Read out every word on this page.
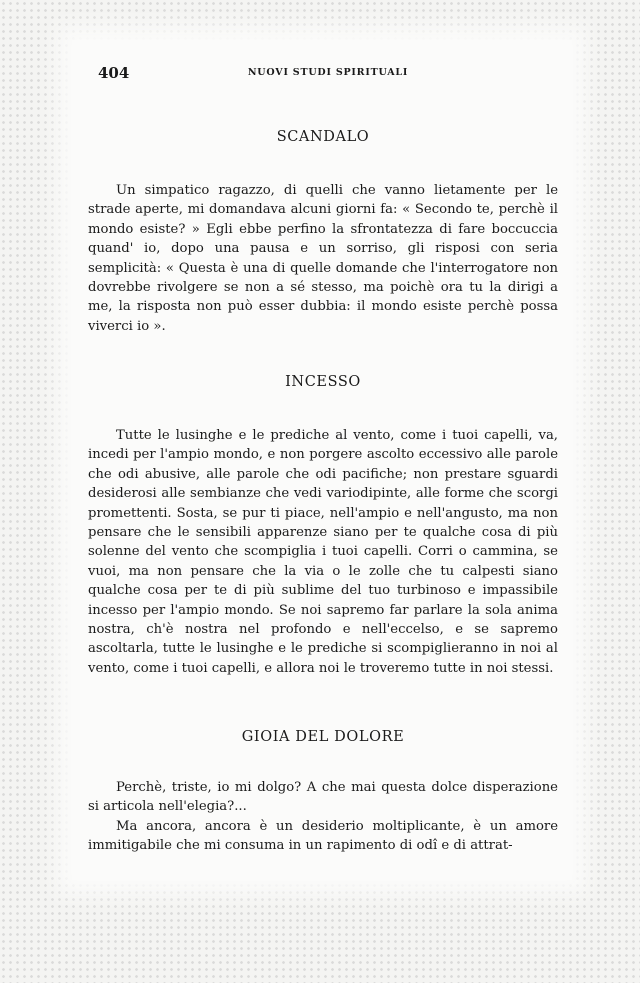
404	NUOVI STUDI SPIRITUALI
SCANDALO

Un simpatico ragazzo, di quelli che vanno lietamente per le strade aperte, mi domandava alcuni giorni fa: « Secondo te, perchè il mondo esiste? » Egli ebbe perfino la sfrontatezza di fare boccuccia quand' io, dopo una pausa e un sorriso, gli risposi con seria semplicità: « Questa è una di quelle domande che l'interrogatore non dovrebbe rivolgere se non a sé stesso, ma poichè ora tu la dirigi a me, la risposta non può esser dubbia: il mondo esiste perchè possa viverci io ».

INCESSO

Tutte le lusinghe e le prediche al vento, come i tuoi capelli, va, incedi per l'ampio mondo, e non porgere ascolto eccessivo alle parole che odi abusive, alle parole che odi pacifiche; non prestare sguardi desiderosi alle sembianze che vedi variodipinte, alle forme che scorgi promettenti. Sosta, se pur ti piace, nell'ampio e nell'angusto, ma non pensare che le sensibili apparenze siano per te qualche cosa di più solenne del vento che scompiglia i tuoi capelli. Corri o cammina, se vuoi, ma non pensare che la via o le zolle che tu calpesti siano qualche cosa per te di più sublime del tuo turbinoso e impassibile incesso per l'ampio mondo. Se noi sapremo far parlare la sola anima nostra, ch'è nostra nel profondo e nell'eccelso, e se sapremo ascoltarla, tutte le lusinghe e le prediche si scompiglieranno in noi al vento, come i tuoi capelli, e allora noi le troveremo tutte in noi stessi.

GIOIA DEL DOLORE

Perchè, triste, io mi dolgo? A che mai questa dolce disperazione si articola nell'elegia?...

Ma ancora, ancora è un desiderio moltiplicante, è un amore immitigabile che mi consuma in un rapimento di odî e di attrat-
